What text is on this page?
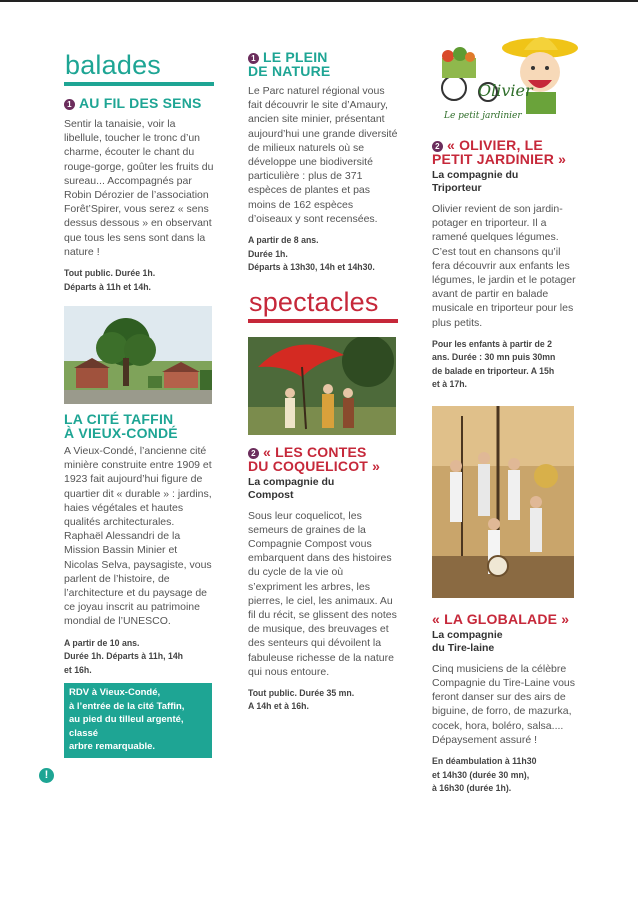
balades
1 AU FIL DES SENS
Sentir la tanaisie, voir la libellule, toucher le tronc d’un charme, écouter le chant du rouge-gorge, goûter les fruits du sureau... Accompagnés par Robin Dérozier de l’association Forêt’Spirer, vous serez « sens dessus dessous » en observant que tous les sens sont dans la nature !
Tout public. Durée 1h.
Départs à 11h et 14h.
LA CITÉ TAFFIN
À VIEUX-CONDÉ
A Vieux-Condé, l’ancienne cité minière construite entre 1909 et 1923 fait aujourd’hui figure de quartier dit « durable » : jardins, haies végétales et hautes qualités architecturales. Raphaël Alessandri de la Mission Bassin Minier et Nicolas Selva, paysagiste, vous parlent de l’histoire, de l’architecture et du paysage de ce joyau inscrit au patrimoine mondial de l’UNESCO.
A partir de 10 ans.
Durée 1h. Départs à 11h, 14h
et 16h.
RDV à Vieux-Condé,
à l’entrée de la cité Taffin,
au pied du tilleul argenté, classé
arbre remarquable.
!
1 LE PLEIN
DE NATURE
Le Parc naturel régional vous fait découvrir le site d’Amaury, ancien site minier, présentant aujourd’hui une grande diversité de milieux naturels où se développe une biodiversité particulière : plus de 371 espèces de plantes et pas moins de 162 espèces d’oiseaux y sont recensées.
A partir de 8 ans.
Durée 1h.
Départs à 13h30, 14h et 14h30.
spectacles
2 « LES CONTES
DU COQUELICOT »
La compagnie du
Compost
Sous leur coquelicot, les semeurs de graines de la Compagnie Compost vous embarquent dans des histoires du cycle de la vie où s’expriment les arbres, les pierres, le ciel, les animaux. Au fil du récit, se glissent des notes de musique, des breuvages et des senteurs qui dévoilent la fabuleuse richesse de la nature qui nous entoure.
Tout public. Durée 35 mn.
A 14h et à 16h.
Olivier
Le petit jardinier
2 « OLIVIER, LE
PETIT JARDINIER »
La compagnie du
Triporteur
Olivier revient de son jardin-potager en triporteur. Il a ramené quelques légumes. C’est tout en chansons qu’il fera découvrir aux enfants les légumes, le jardin et le potager avant de partir en balade musicale en triporteur pour les plus petits.
Pour les enfants à partir de 2
ans. Durée : 30 mn puis 30mn
de balade en triporteur. A 15h
et à 17h.
« LA GLOBALADE »
La compagnie
du Tire-laine
Cinq musiciens de la célèbre Compagnie du Tire-Laine vous feront danser sur des airs de biguine, de forro, de mazurka, cocek, hora, boléro, salsa.... Dépaysement assuré !
En déambulation à 11h30
et 14h30 (durée 30 mn),
à 16h30 (durée 1h).
